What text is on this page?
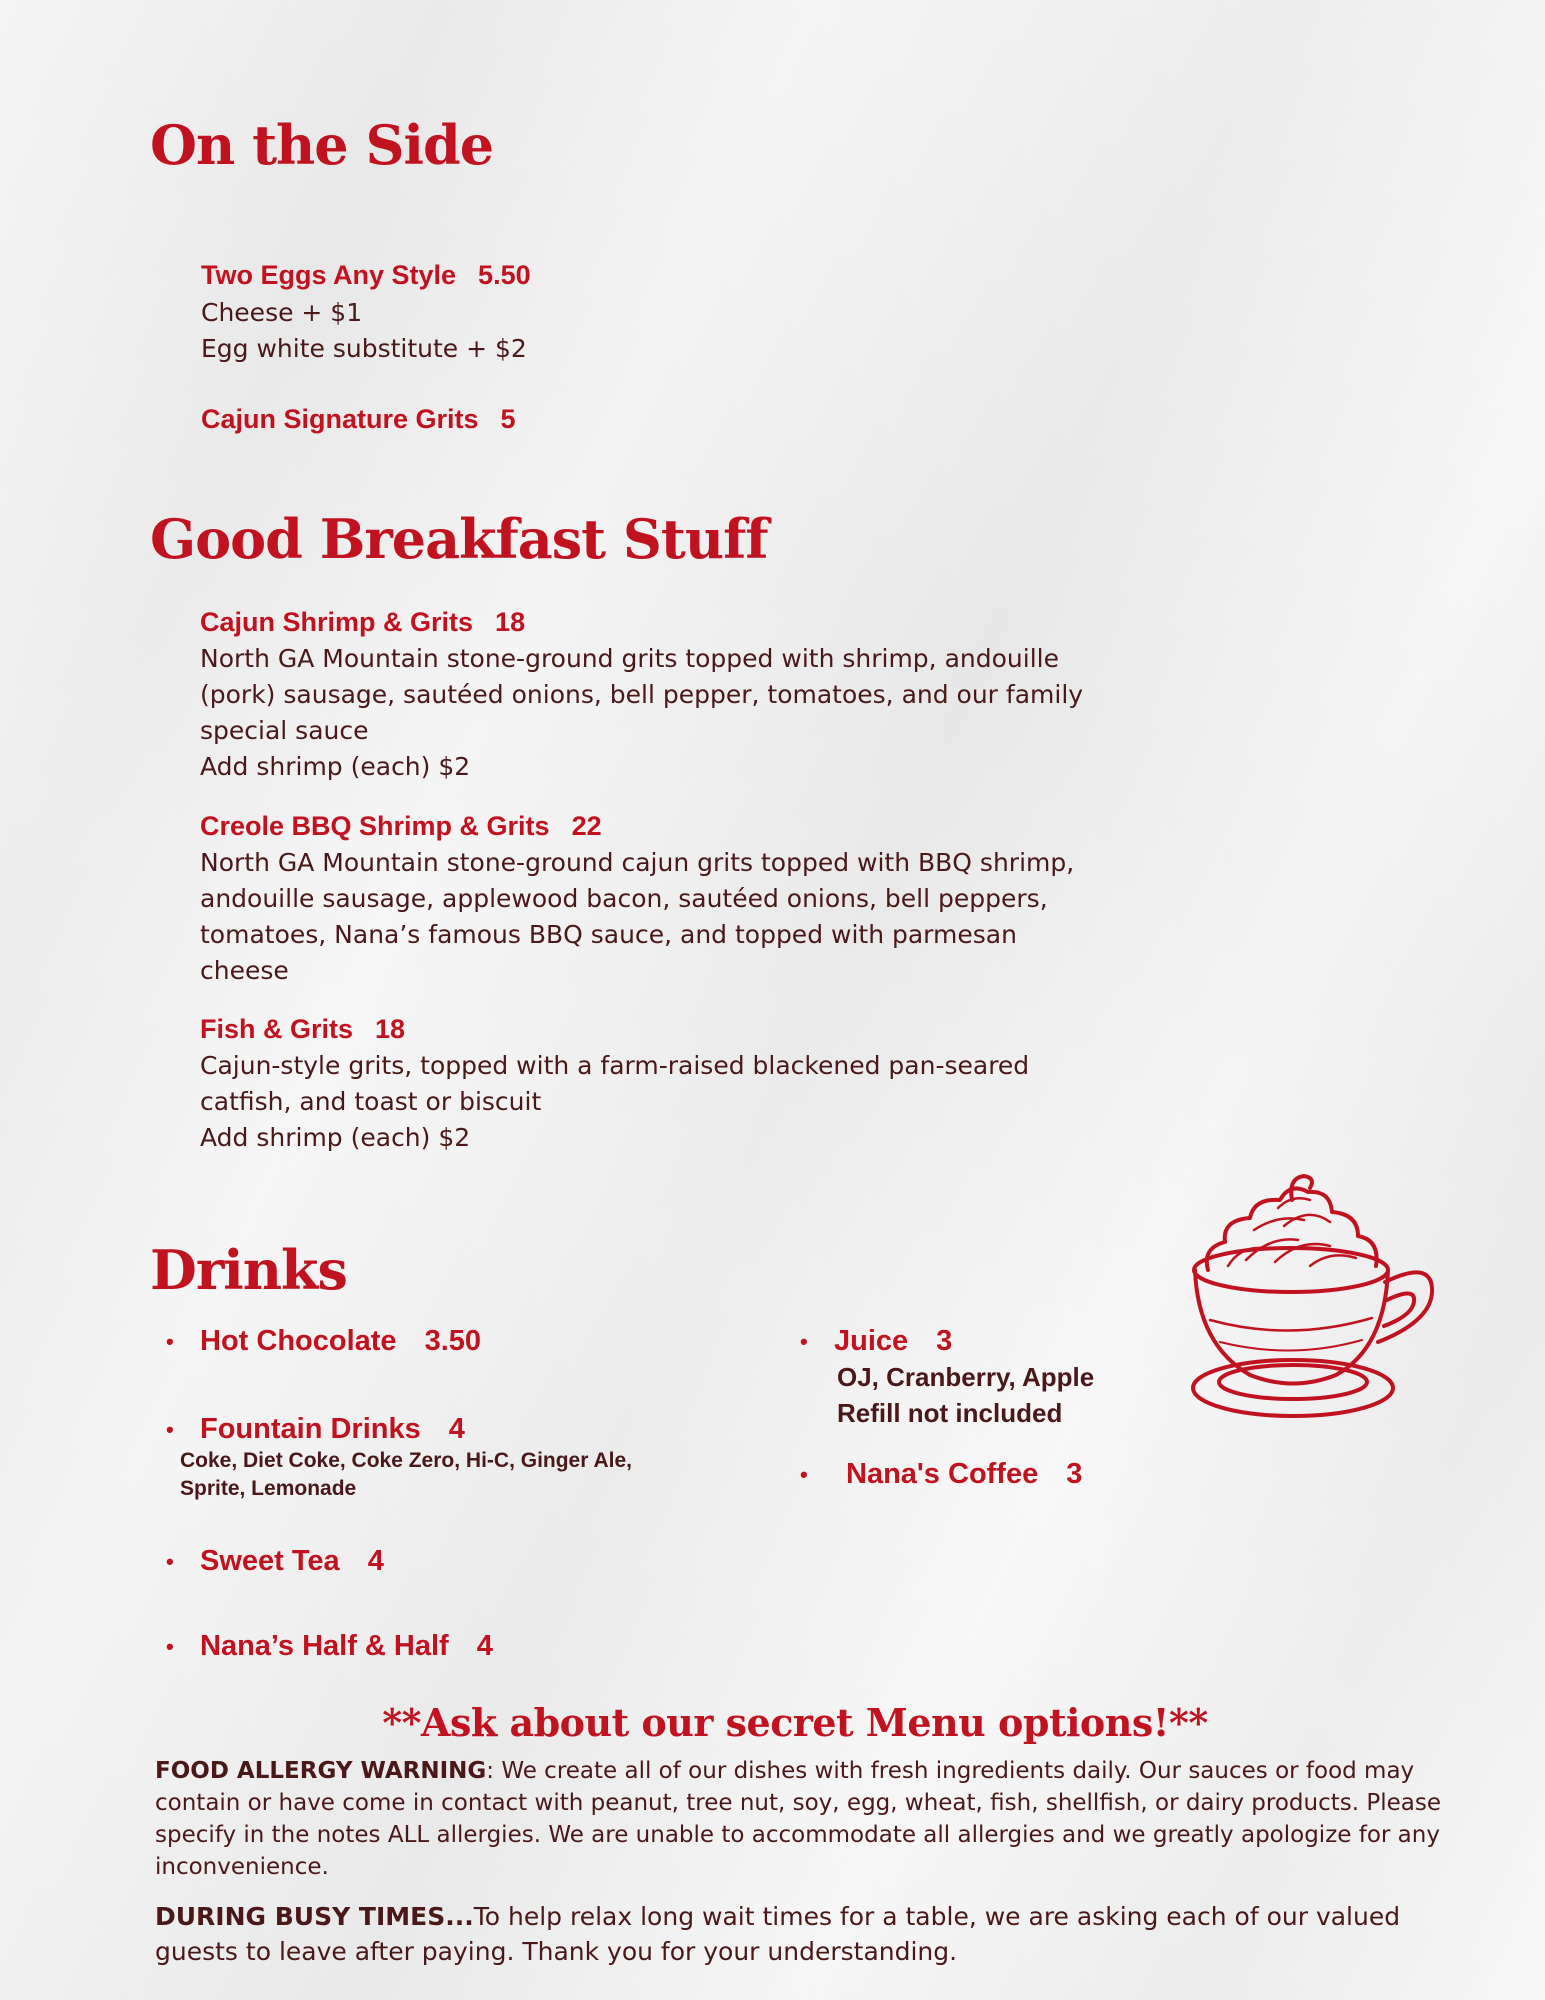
On the Side
Two Eggs Any Style 5.50
Cheese + $1
Egg white substitute + $2
Cajun Signature Grits 5
Good Breakfast Stuff
Cajun Shrimp & Grits 18
North GA Mountain stone-ground grits topped with shrimp, andouille
(pork) sausage, sautéed onions, bell pepper, tomatoes, and our family
special sauce
Add shrimp (each) $2
Creole BBQ Shrimp & Grits 22
North GA Mountain stone-ground cajun grits topped with BBQ shrimp,
andouille sausage, applewood bacon, sautéed onions, bell peppers,
tomatoes, Nana’s famous BBQ sauce, and topped with parmesan
cheese
Fish & Grits 18
Cajun-style grits, topped with a farm-raised blackened pan-seared
catfish, and toast or biscuit
Add shrimp (each) $2
Drinks
• Hot Chocolate 3.50
• Fountain Drinks 4
Coke, Diet Coke, Coke Zero, Hi-C, Ginger Ale,
Sprite, Lemonade
• Sweet Tea 4
• Nana’s Half & Half 4
• Juice 3
OJ, Cranberry, Apple
Refill not included
• Nana's Coffee 3
**Ask about our secret Menu options!**
FOOD ALLERGY WARNING: We create all of our dishes with fresh ingredients daily. Our sauces or food may contain or have come in contact with peanut, tree nut, soy, egg, wheat, fish, shellfish, or dairy products. Please specify in the notes ALL allergies. We are unable to accommodate all allergies and we greatly apologize for any inconvenience.
DURING BUSY TIMES...To help relax long wait times for a table, we are asking each of our valued guests to leave after paying. Thank you for your understanding.
